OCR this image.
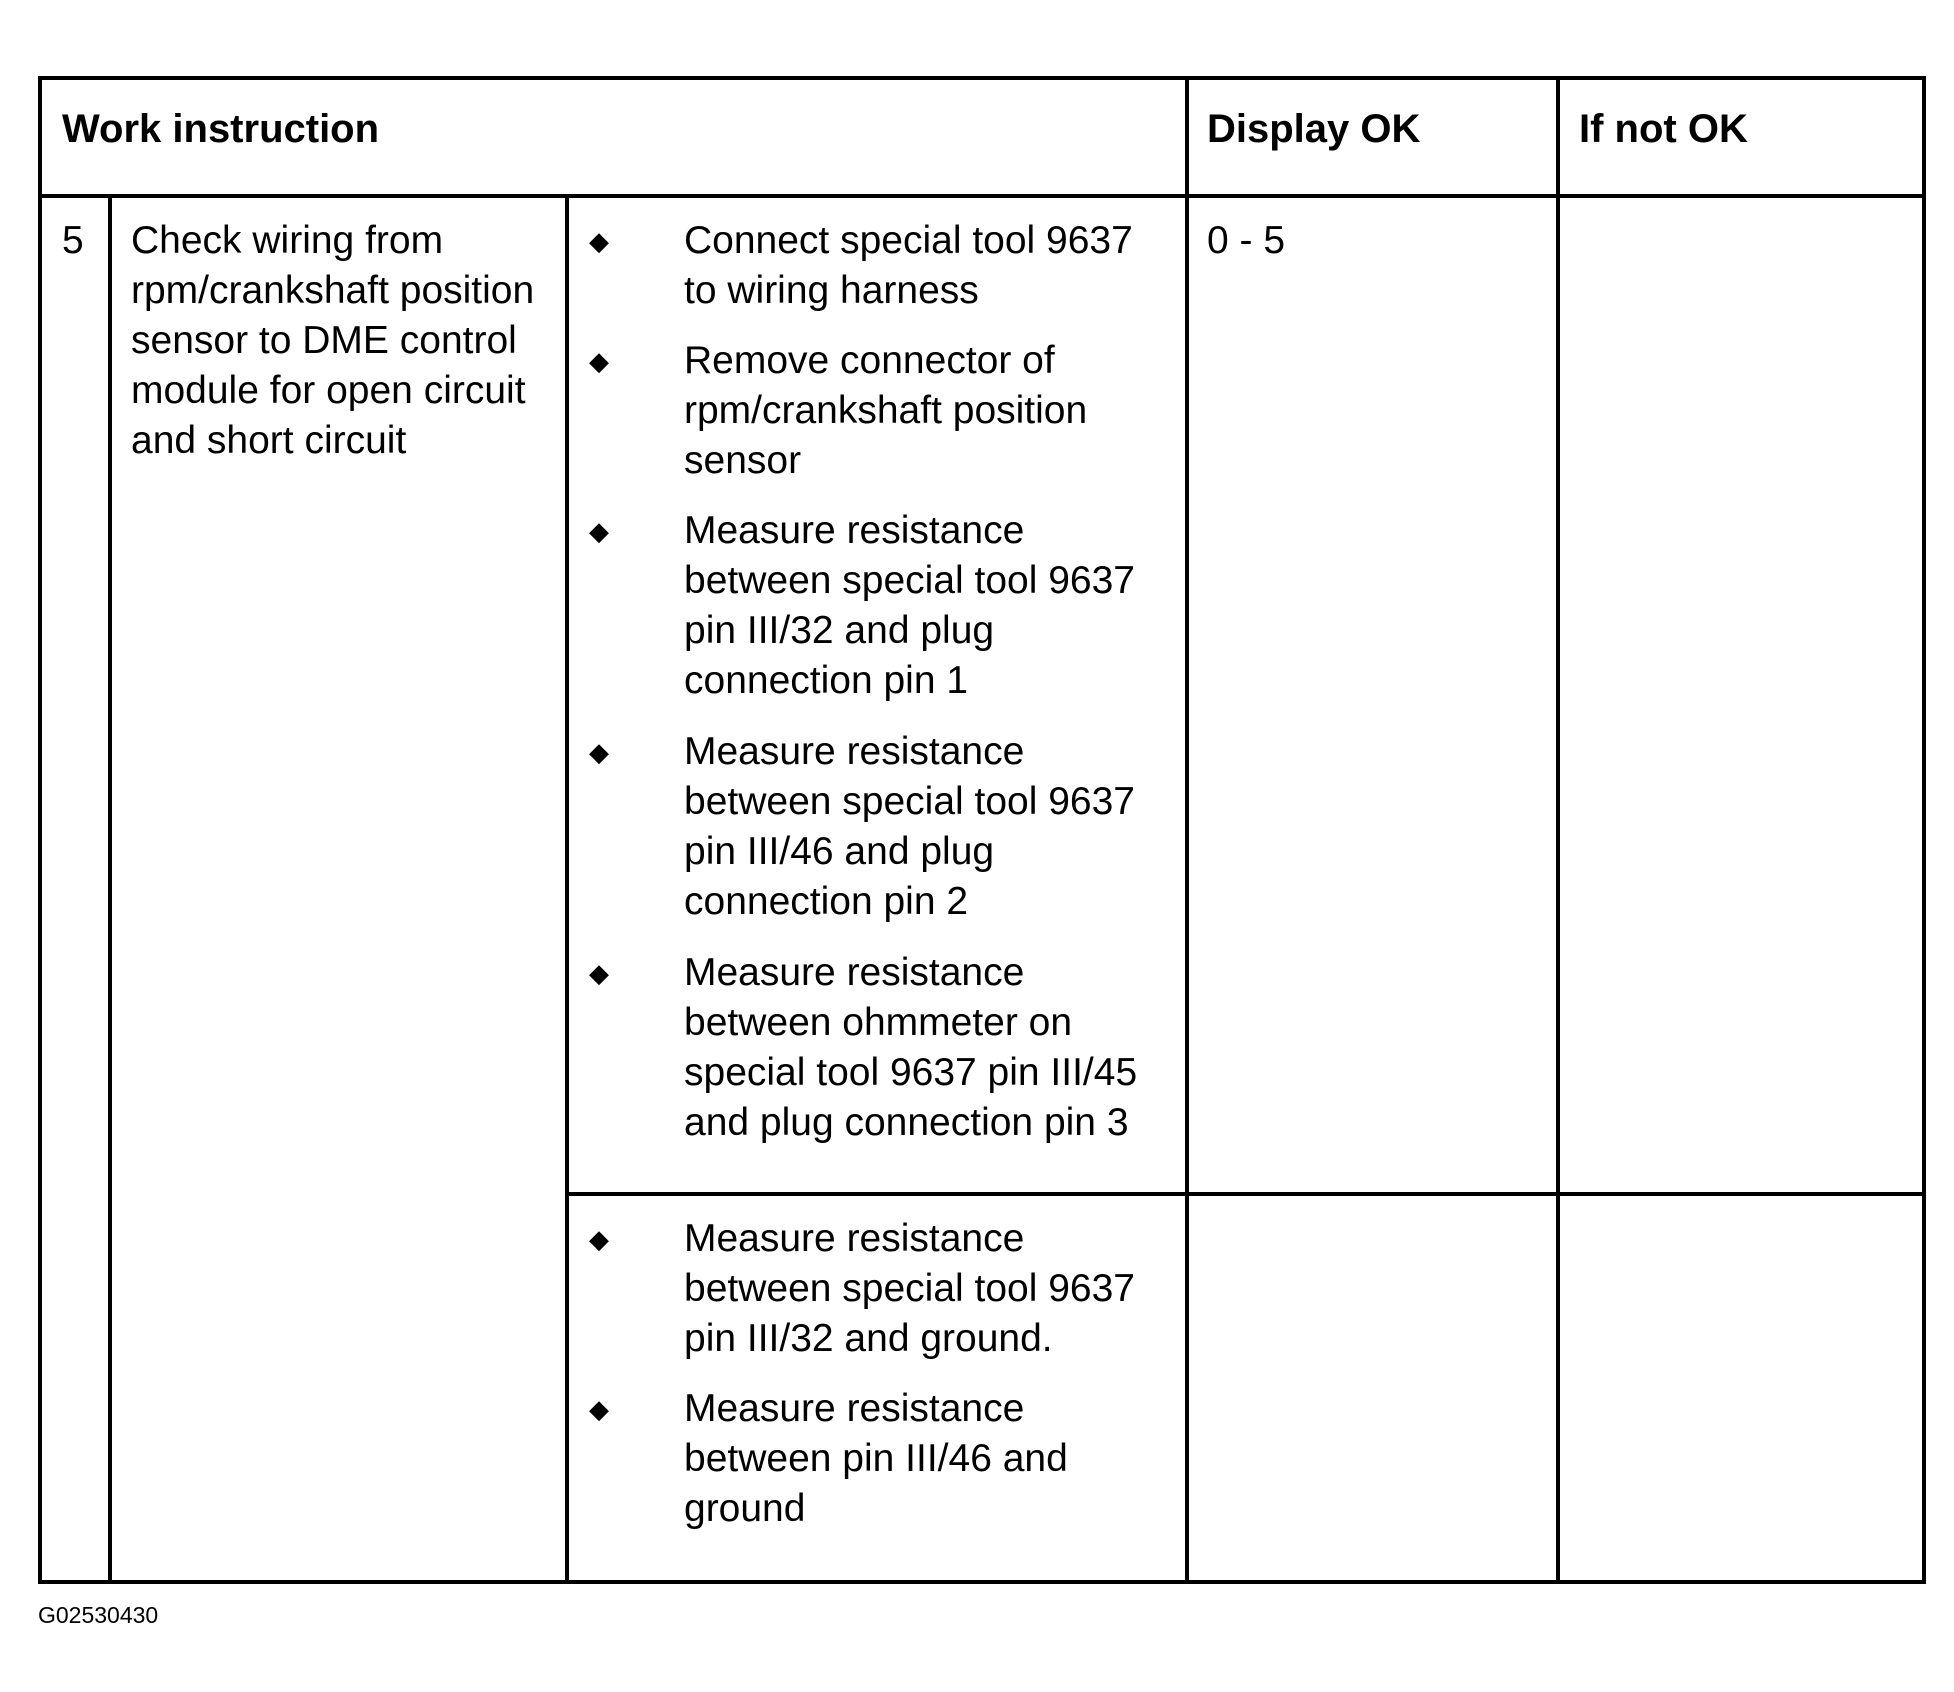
Work instruction	Display OK	If not OK
5 Check wiring from
rpm/crankshaft position
sensor to DME control
module for open circuit
and short circuit
◆ Connect special tool 9637
to wiring harness
◆ Remove connector of
rpm/crankshaft position
sensor
◆ Measure resistance
between special tool 9637
pin III/32 and plug
connection pin 1
◆ Measure resistance
between special tool 9637
pin III/46 and plug
connection pin 2
◆ Measure resistance
between ohmmeter on
special tool 9637 pin III/45
and plug connection pin 3
0 - 5
◆ Measure resistance
between special tool 9637
pin III/32 and ground.
◆ Measure resistance
between pin III/46 and
ground
G02530430
